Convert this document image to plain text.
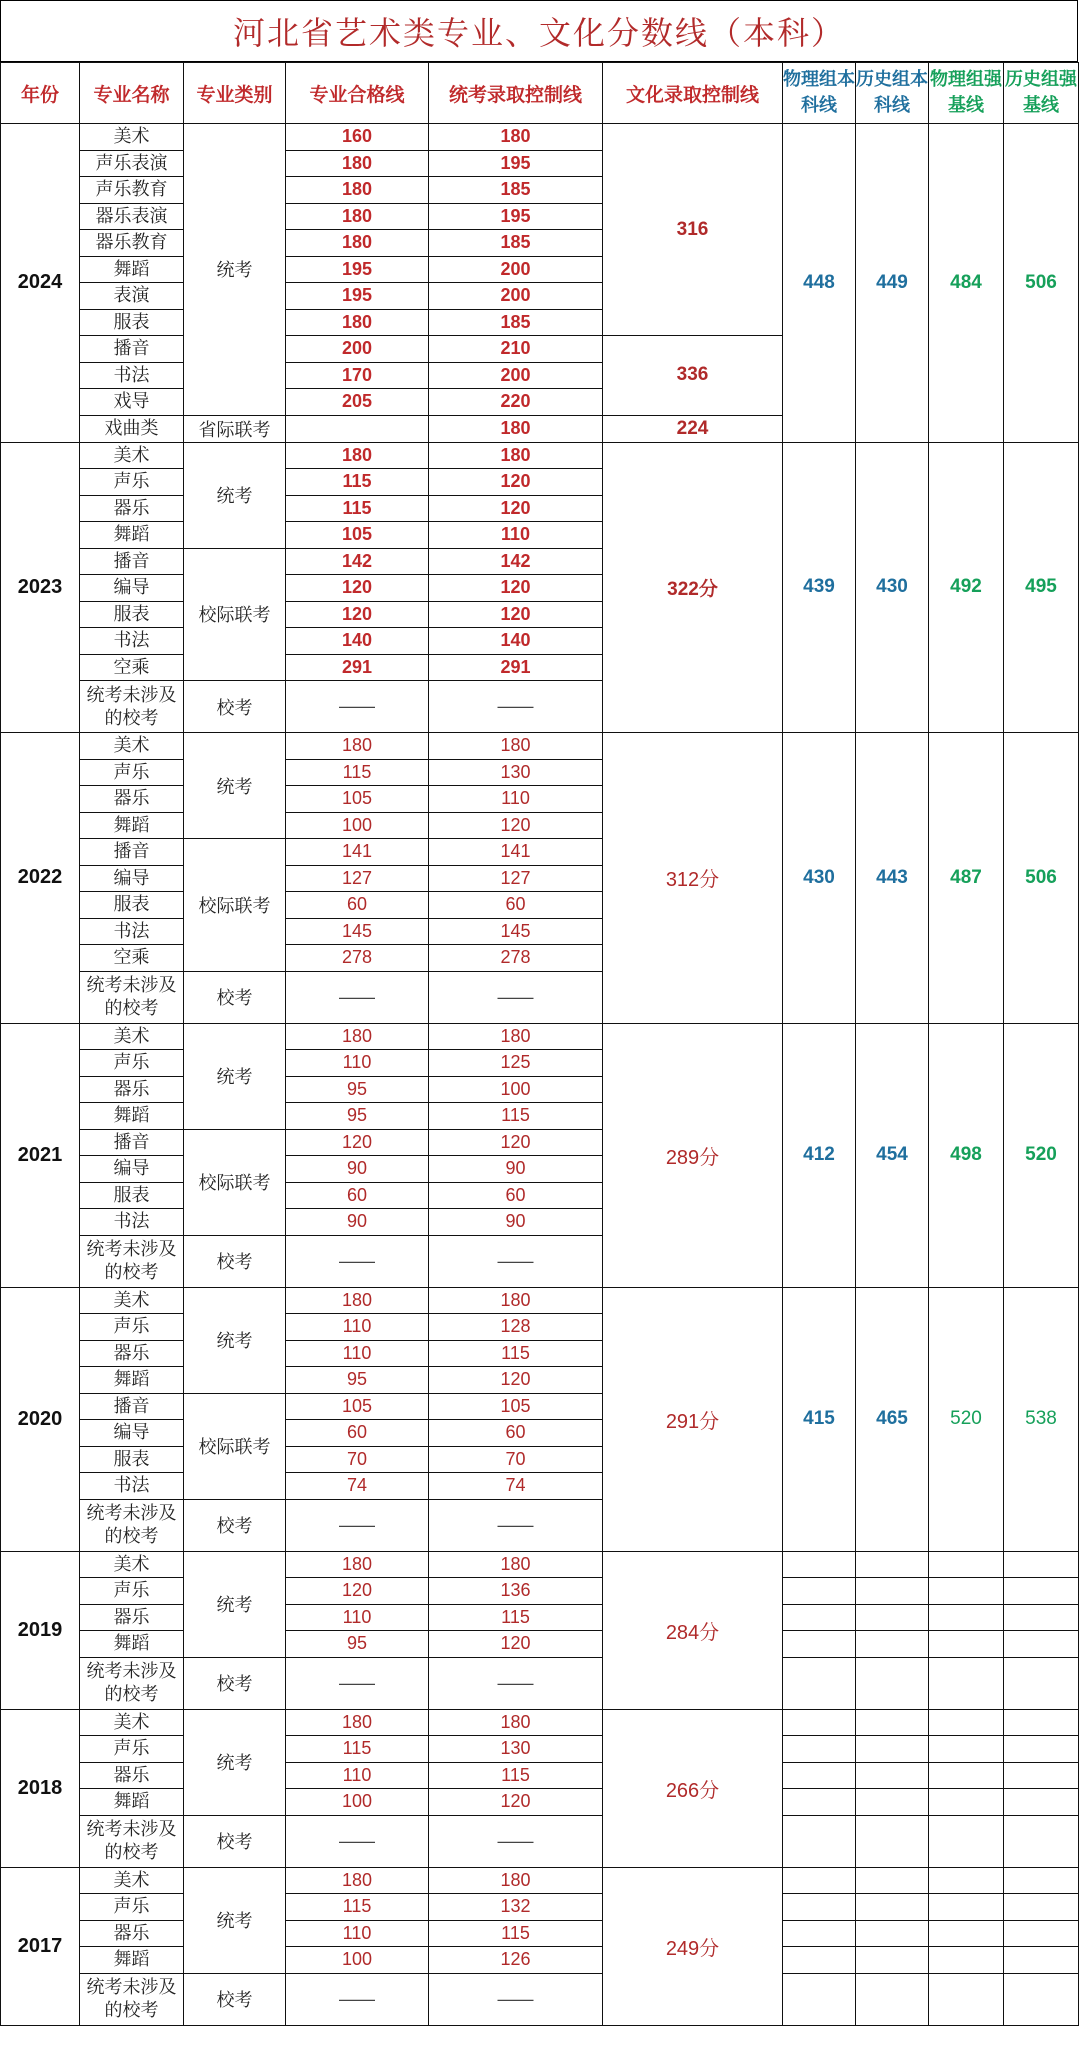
河北省艺术类专业、文化分数线（本科）
年份	专业名称	专业类别	专业合格线	统考录取控制线	文化录取控制线	物理组本科线	历史组本科线	物理组强基线	历史组强基线
2024	美术	统考	160	180	316	448	449	484	506
	声乐表演		180	195					
	声乐教育		180	185					
	器乐表演		180	195					
	器乐教育		180	185					
	舞蹈		195	200					
	表演		195	200					
	服表		180	185					
	播音		200	210	336				
	书法		170	200					
	戏导		205	220					
	戏曲类	省际联考		180	224				
2023	美术	统考	180	180	322分	439	430	492	495
	声乐		115	120					
	器乐		115	120					
	舞蹈		105	110					
	播音	校际联考	142	142					
	编导		120	120					
	服表		120	120					
	书法		140	140					
	空乘		291	291					
	统考未涉及的校考	校考	——	——					
2022	美术	统考	180	180	312分	430	443	487	506
	声乐		115	130					
	器乐		105	110					
	舞蹈		100	120					
	播音	校际联考	141	141					
	编导		127	127					
	服表		60	60					
	书法		145	145					
	空乘		278	278					
	统考未涉及的校考	校考	——	——					
2021	美术	统考	180	180	289分	412	454	498	520
	声乐		110	125					
	器乐		95	100					
	舞蹈		95	115					
	播音	校际联考	120	120					
	编导		90	90					
	服表		60	60					
	书法		90	90					
	统考未涉及的校考	校考	——	——					
2020	美术	统考	180	180	291分	415	465	520	538
	声乐		110	128					
	器乐		110	115					
	舞蹈		95	120					
	播音	校际联考	105	105					
	编导		60	60					
	服表		70	70					
	书法		74	74					
	统考未涉及的校考	校考	——	——					
2019	美术	统考	180	180	284分				
	声乐		120	136					
	器乐		110	115					
	舞蹈		95	120					
	统考未涉及的校考	校考	——	——					
2018	美术	统考	180	180	266分				
	声乐		115	130					
	器乐		110	115					
	舞蹈		100	120					
	统考未涉及的校考	校考	——	——					
2017	美术	统考	180	180	249分				
	声乐		115	132					
	器乐		110	115					
	舞蹈		100	126					
	统考未涉及的校考	校考	——	——					
